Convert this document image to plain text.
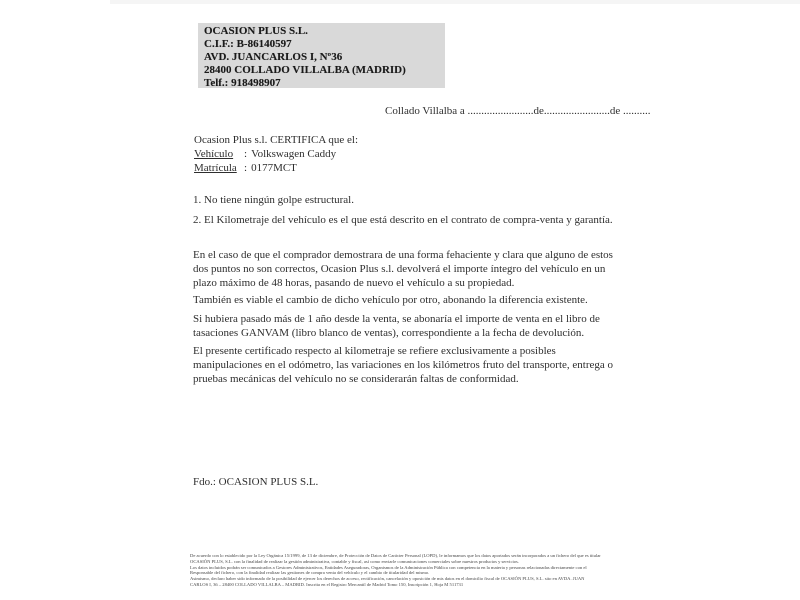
OCASION PLUS S.L.
C.I.F.: B-86140597
AVD. JUANCARLOS I, Nº36
28400 COLLADO VILLALBA (MADRID)
Telf.: 918498907
Collado Villalba a ........................de........................de ..........
Ocasion Plus s.l. CERTIFICA que el:
Vehículo : Volkswagen Caddy
Matrícula : 0177MCT
1. No tiene ningún golpe estructural.
2. El Kilometraje del vehículo es el que está descrito en el contrato de compra-venta y garantía.
En el caso de que el comprador demostrara de una forma fehaciente y clara que alguno de estos dos puntos no son correctos, Ocasion Plus s.l. devolverá el importe íntegro del vehículo en un plazo máximo de 48 horas, pasando de nuevo el vehículo a su propiedad.
También es viable el cambio de dicho vehículo por otro, abonando la diferencia existente.
Si hubiera pasado más de 1 año desde la venta, se abonaría el importe de venta en el libro de tasaciones GANVAM (libro blanco de ventas), correspondiente a la fecha de devolución.
El presente certificado respecto al kilometraje se refiere exclusivamente a posibles manipulaciones en el odómetro, las variaciones en los kilómetros fruto del transporte, entrega o pruebas mecánicas del vehículo no se considerarán faltas de conformidad.
Fdo.: OCASION PLUS S.L.
De acuerdo con lo establecido por la Ley Orgánica 15/1999, de 13 de diciembre, de Protección de Datos de Carácter Personal (LOPD), le informamos que los datos aportados serán incorporados a un fichero del que es titular
OCASIÓN PLUS, S.L. con la finalidad de realizar la gestión administrativa, contable y fiscal, así como enviarle comunicaciones comerciales sobre nuestros productos y servicios.
Los datos incluidos podrán ser comunicados a Gestores Administrativos, Entidades Aseguradoras, Organismos de la Administración Pública con competencia en la materia y personas relacionadas directamente con el
Responsable del fichero, con la finalidad realizar las gestiones de compra venta del vehículo y el cambio de titularidad del mismo.
Asimismo, declaro haber sido informado de la posibilidad de ejercer los derechos de acceso, rectificación, cancelación y oposición de mis datos en el domicilio fiscal de OCASIÓN PLUS, S.L. sito en AVDA. JUAN
CARLOS I, 36 – 28400 COLLADO VILLALBA – MADRID. Inscrita en el Registro Mercantil de Madrid Tomo 150, Inscripción 1, Hoja M 511731
